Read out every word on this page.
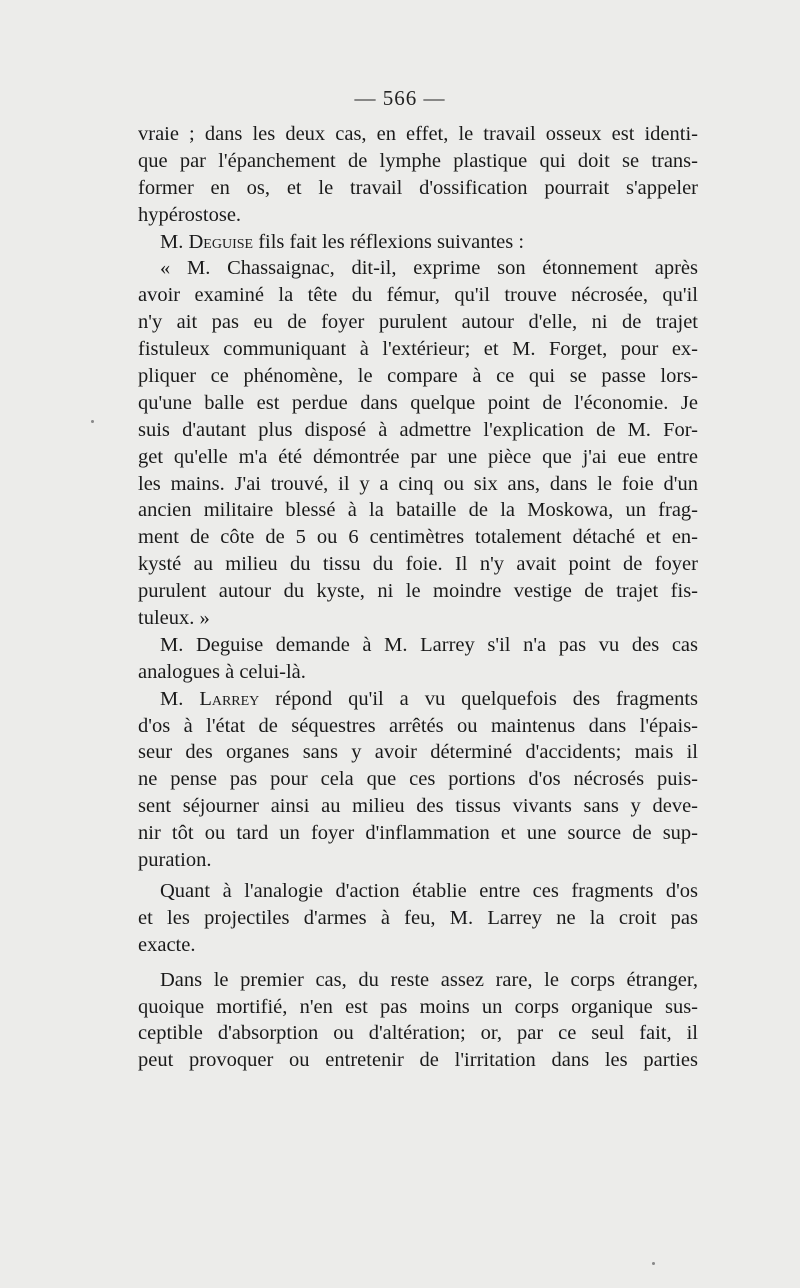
— 566 —
vraie ; dans les deux cas, en effet, le travail osseux est identi-
que par l'épanchement de lymphe plastique qui doit se trans-
former en os, et le travail d'ossification pourrait s'appeler
hypérostose.
M. Deguise fils fait les réflexions suivantes :
« M. Chassaignac, dit-il, exprime son étonnement après
avoir examiné la tête du fémur, qu'il trouve nécrosée, qu'il
n'y ait pas eu de foyer purulent autour d'elle, ni de trajet
fistuleux communiquant à l'extérieur; et M. Forget, pour ex-
pliquer ce phénomène, le compare à ce qui se passe lors-
qu'une balle est perdue dans quelque point de l'économie. Je
suis d'autant plus disposé à admettre l'explication de M. For-
get qu'elle m'a été démontrée par une pièce que j'ai eue entre
les mains. J'ai trouvé, il y a cinq ou six ans, dans le foie d'un
ancien militaire blessé à la bataille de la Moskowa, un frag-
ment de côte de 5 ou 6 centimètres totalement détaché et en-
kysté au milieu du tissu du foie. Il n'y avait point de foyer
purulent autour du kyste, ni le moindre vestige de trajet fis-
tuleux. »
M. Deguise demande à M. Larrey s'il n'a pas vu des cas
analogues à celui-là.
M. Larrey répond qu'il a vu quelquefois des fragments
d'os à l'état de séquestres arrêtés ou maintenus dans l'épais-
seur des organes sans y avoir déterminé d'accidents; mais il
ne pense pas pour cela que ces portions d'os nécrosés puis-
sent séjourner ainsi au milieu des tissus vivants sans y deve-
nir tôt ou tard un foyer d'inflammation et une source de sup-
puration.
Quant à l'analogie d'action établie entre ces fragments d'os
et les projectiles d'armes à feu, M. Larrey ne la croit pas
exacte.
Dans le premier cas, du reste assez rare, le corps étranger,
quoique mortifié, n'en est pas moins un corps organique sus-
ceptible d'absorption ou d'altération; or, par ce seul fait, il
peut provoquer ou entretenir de l'irritation dans les parties
